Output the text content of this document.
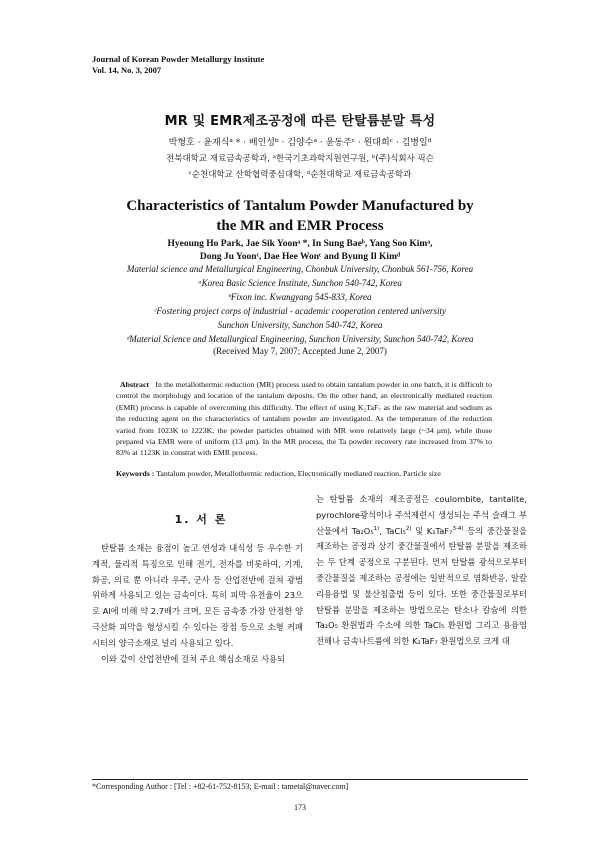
Journal of Korean Powder Metallurgy Institute
Vol. 14, No. 3, 2007
MR 및 EMR제조공정에 따른 탄탈륨분말 특성
박형호 · 윤재식ᵃ * · 배인성ᵇ · 김양수ᵃ · 윤동주ᶜ · 원대희ᶜ · 김병일ᵈ
전북대학교 재료금속공학과, ᵃ한국기초과학지원연구원, ᵇ(주)식회사 픽슨
ᶜ순천대학교 산학협력중심대학, ᵈ순천대학교 재료금속공학과
Characteristics of Tantalum Powder Manufactured by
the MR and EMR Process
Hyeoung Ho Park, Jae Sik Yoonᵃ *, In Sung Baeᵇ, Yang Soo Kimᵃ,
Dong Ju Yoonᶜ, Dae Hee Wonᶜ and Byung Il Kimᵈ
Material science and Metallurgical Engineering, Chonbuk University, Chonbuk 561-756, Korea
ᵃKorea Basic Science Institute, Sunchon 540-742, Korea
ᵇFixon inc. Kwangyang 545-833, Korea
ᶜFostering project corps of industrial - academic cooperation centered university
Sunchon University, Sunchon 540-742, Korea
ᵈMaterial Science and Metallurgical Engineering, Sunchon University, Sunchon 540-742, Korea
(Received May 7, 2007; Accepted June 2, 2007)
Abstract In the metallothermic reduction (MR) process used to obtain tantalum powder in one batch, it is difficult to control the morphology and location of the tantalum deposits. On the other hand, an electronically mediated reaction (EMR) process is capable of overcoming this difficulty. The effect of using K₂TaF₇ as the raw material and sodium as the reducting agent on the characteristics of tantalum powder are investigated. As the temperature of the reduction varied from 1023K to 1223K, the powder particles obtained with MR were relatively large (~34 μm), while those prepared via EMR were of uniform (13 μm). In the MR process, the Ta powder recovery rate increased from 37% to 83% at 1123K in constrat with EMR process.
Keywords : Tantalum powder, Metallothermic reduction, Electronically mediated reaction, Particle size
1. 서 론

탄탈륨 소재는 융점이 높고 연성과 내식성 등 우수한 기계적, 물리적 특징으로 인해 전기, 전자를 비롯하여, 기계, 화공, 의료 뿐 아니라 우주, 군사 등 산업전반에 걸쳐 광범위하게 사용되고 있는 금속이다. 특히 피막 유전율이 23으로 Al에 비해 약 2.7배가 크며, 모든 금속중 가장 안정한 양극산화 피막을 형성시킬 수 있다는 장점 등으로 소형 커패시터의 양극소재로 널리 사용되고 있다.

이와 같이 산업전반에 걸쳐 주요 핵심소재로 사용되

는 탄탈륨 소재의 제조공정은 coulombite, tantalite, pyrochlore광석이나 주석제련시 생성되는 주석 슬래그 부산물에서 Ta₂O₅$^{1)}$, TaCl₅$^{2)}$ 및 K₂TaF₇$^{3-4)}$ 등의 중간물질을 제조하는 공정과 상기 중간물질에서 탄탈륨 분말을 제조하는 두 단계 공정으로 구분된다. 먼저 탄탈륨 광석으로부터 중간물질을 제조하는 공정에는 일반적으로 염화반응, 알칼리용융법 및 불산침출법 등이 있다. 또한 중간물질로부터 탄탈륨 분말을 제조하는 방법으로는 탄소나 칼슘에 의한 Ta₂O₅ 환원법과 수소에 의한 TaCl₅ 환원법 그리고 용융염전해나 금속나트륨에 의한 K₂TaF₇ 환원법으로 크게 대

*Corresponding Author : [Tel : +82-61-752-8153; E-mail : tametal@naver.com]
173
